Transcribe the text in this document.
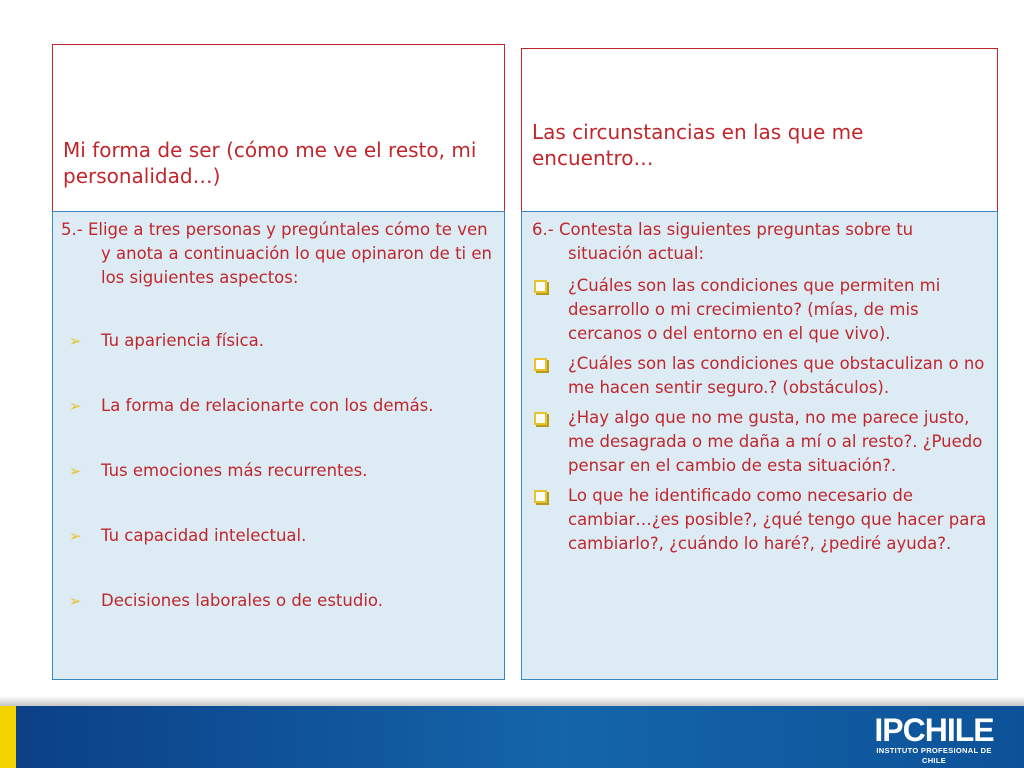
Mi forma de ser (cómo me ve el resto, mi personalidad…)

5.- Elige a tres personas y pregúntales cómo te ven y anota a continuación lo que opinaron de ti en los siguientes aspectos:

➢ Tu apariencia física.
➢ La forma de relacionarte con los demás.
➢ Tus emociones más recurrentes.
➢ Tu capacidad intelectual.
➢ Decisiones laborales o de estudio.
Las circunstancias en las que me encuentro…

6.- Contesta las siguientes preguntas sobre tu situación actual:

¿Cuáles son las condiciones que permiten mi desarrollo o mi crecimiento? (mías, de mis cercanos o del entorno en el que vivo).
¿Cuáles son las condiciones que obstaculizan o no me hacen sentir seguro.? (obstáculos).
¿Hay algo que no me gusta, no me parece justo, me desagrada o me daña a mí o al resto?. ¿Puedo pensar en el cambio de esta situación?.
Lo que he identificado como necesario de cambiar…¿es posible?, ¿qué tengo que hacer para cambiarlo?, ¿cuándo lo haré?, ¿pediré ayuda?.
IPCHILE
INSTITUTO PROFESIONAL DE CHILE
